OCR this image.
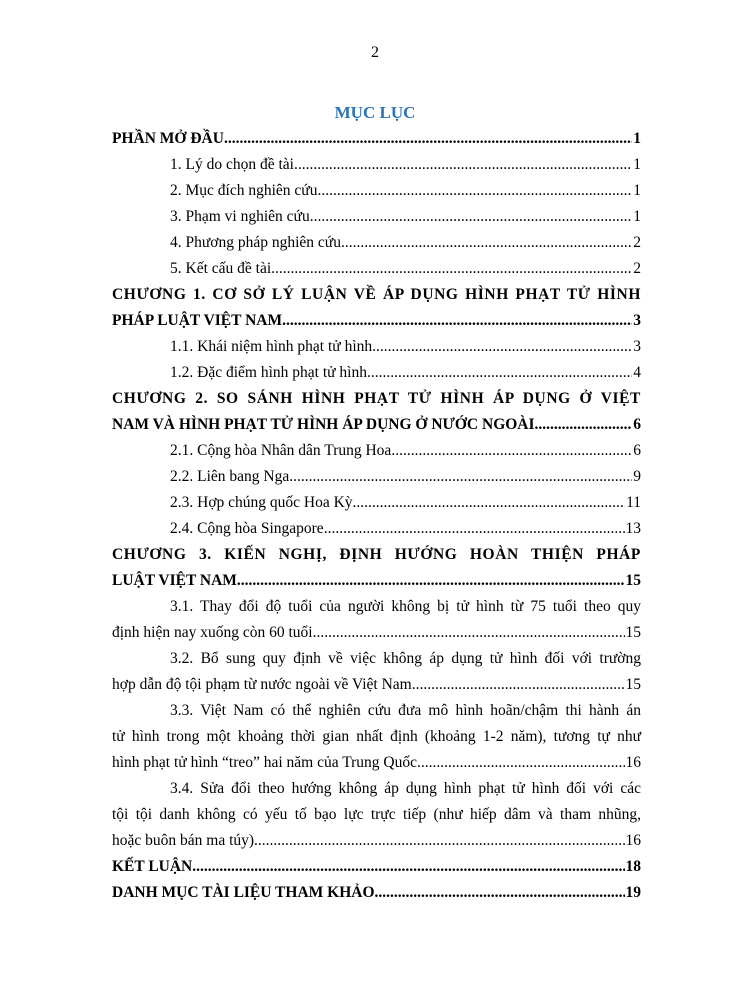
2
MỤC LỤC
PHẦN MỞ ĐẦU .....	1
1. Lý do chọn đề tài .....	1
2. Mục đích nghiên cứu .....	1
3. Phạm vi nghiên cứu .....	1
4. Phương pháp nghiên cứu .....	2
5. Kết cấu đề tài .....	2
CHƯƠNG 1. CƠ SỞ LÝ LUẬN VỀ ÁP DỤNG HÌNH PHẠT TỬ HÌNH
PHÁP LUẬT VIỆT NAM .....	3
1.1. Khái niệm hình phạt tử hình .....	3
1.2. Đặc điểm hình phạt tử hình .....	4
CHƯƠNG 2. SO SÁNH HÌNH PHẠT TỬ HÌNH ÁP DỤNG Ở VIỆT
NAM VÀ HÌNH PHẠT TỬ HÌNH ÁP DỤNG Ở NƯỚC NGOÀI .....	6
2.1. Cộng hòa Nhân dân Trung Hoa .....	6
2.2. Liên bang Nga .....	9
2.3. Hợp chúng quốc Hoa Kỳ .....	11
2.4. Cộng hòa Singapore .....	13
CHƯƠNG 3. KIẾN NGHỊ, ĐỊNH HƯỚNG HOÀN THIỆN PHÁP
LUẬT VIỆT NAM .....	15
3.1. Thay đổi độ tuổi của người không bị tử hình từ 75 tuổi theo quy
định hiện nay xuống còn 60 tuổi .....	15
3.2. Bổ sung quy định về việc không áp dụng tử hình đối với trường
hợp dẫn độ tội phạm từ nước ngoài về Việt Nam .....	15
3.3. Việt Nam có thể nghiên cứu đưa mô hình hoãn/chậm thi hành án
tử hình trong một khoảng thời gian nhất định (khoảng 1-2 năm), tương tự như
hình phạt tử hình “treo” hai năm của Trung Quốc .....	16
3.4. Sửa đổi theo hướng không áp dụng hình phạt tử hình đối với các
tội tội danh không có yếu tố bạo lực trực tiếp (như hiếp dâm và tham nhũng,
hoặc buôn bán ma túy) .....	16
KẾT LUẬN .....	18
DANH MỤC TÀI LIỆU THAM KHẢO .....	19
